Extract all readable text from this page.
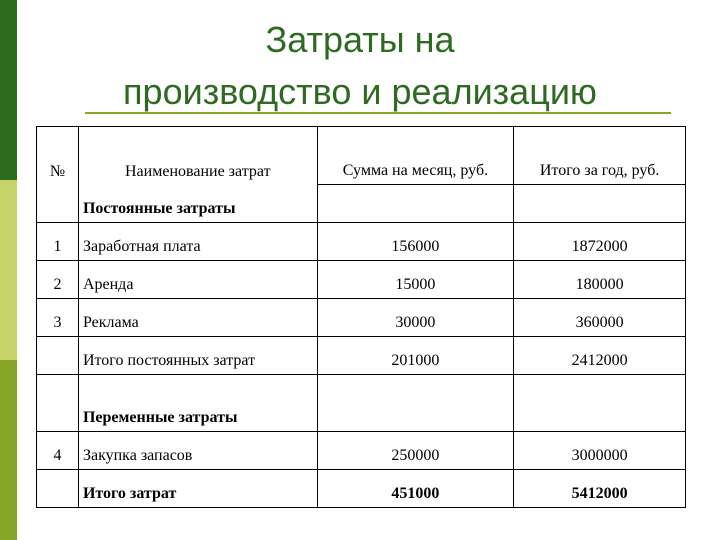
Затраты на
производство и реализацию
№	Наименование затрат	Сумма на месяц, руб.	Итого за год, руб.
	Постоянные затраты		
1	Заработная плата	156000	1872000
2	Аренда	15000	180000
3	Реклама	30000	360000
	Итого постоянных затрат	201000	2412000
	Переменные затраты		
4	Закупка запасов	250000	3000000
	Итого затрат	451000	5412000
